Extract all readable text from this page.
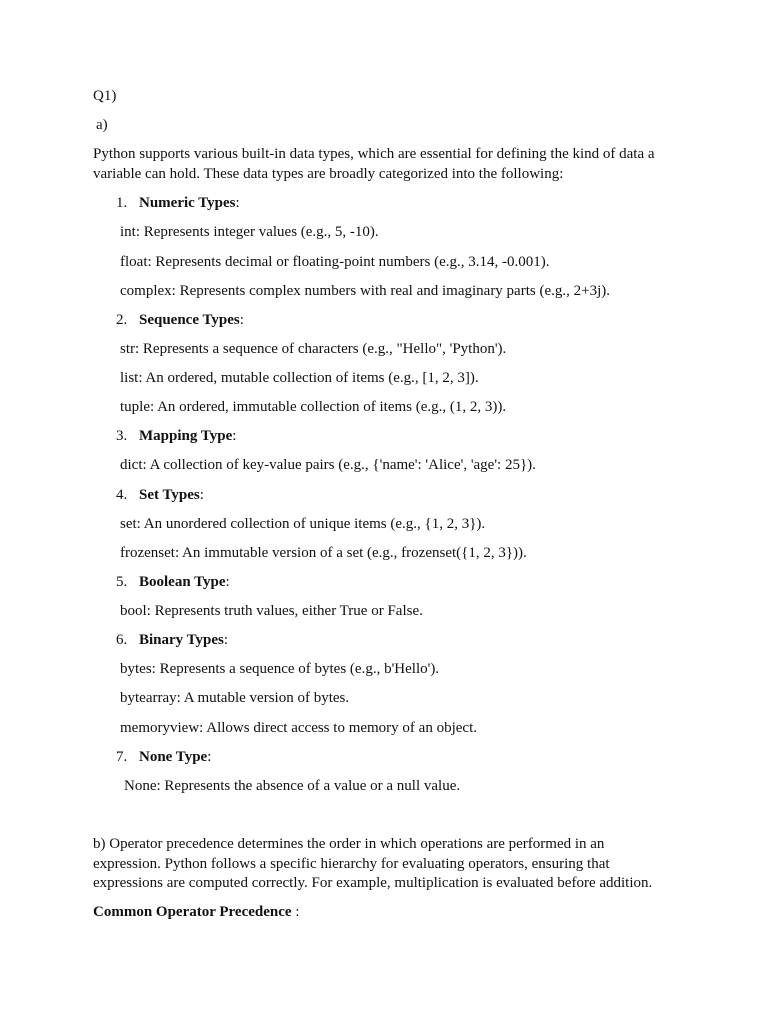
Q1)
a)
Python supports various built-in data types, which are essential for defining the kind of data a
variable can hold. These data types are broadly categorized into the following:
1. Numeric Types:
int: Represents integer values (e.g., 5, -10).
float: Represents decimal or floating-point numbers (e.g., 3.14, -0.001).
complex: Represents complex numbers with real and imaginary parts (e.g., 2+3j).
2. Sequence Types:
str: Represents a sequence of characters (e.g., "Hello", 'Python').
list: An ordered, mutable collection of items (e.g., [1, 2, 3]).
tuple: An ordered, immutable collection of items (e.g., (1, 2, 3)).
3. Mapping Type:
dict: A collection of key-value pairs (e.g., {'name': 'Alice', 'age': 25}).
4. Set Types:
set: An unordered collection of unique items (e.g., {1, 2, 3}).
frozenset: An immutable version of a set (e.g., frozenset({1, 2, 3})).
5. Boolean Type:
bool: Represents truth values, either True or False.
6. Binary Types:
bytes: Represents a sequence of bytes (e.g., b'Hello').
bytearray: A mutable version of bytes.
memoryview: Allows direct access to memory of an object.
7. None Type:
None: Represents the absence of a value or a null value.
b) Operator precedence determines the order in which operations are performed in an
expression. Python follows a specific hierarchy for evaluating operators, ensuring that
expressions are computed correctly. For example, multiplication is evaluated before addition.
Common Operator Precedence :
